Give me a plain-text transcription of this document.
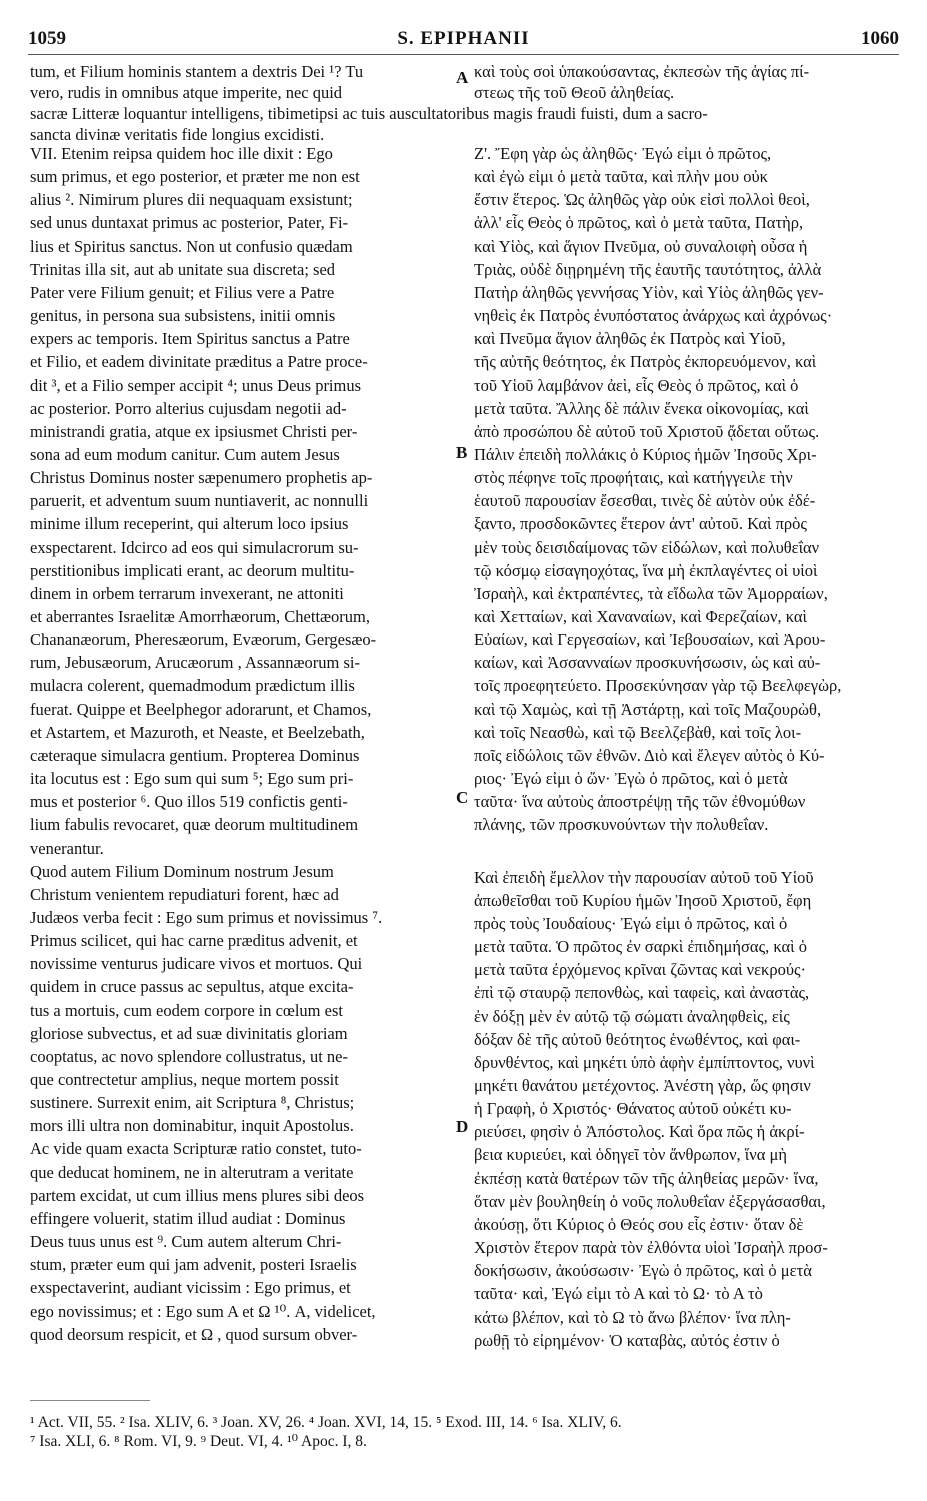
1059	S. EPIPHANII	1060
tum, et Filium hominis stantem a dextris Dei ¹? Tu	καὶ τοὺς σοὶ ὑπακούσαντας, ἐκπεσὼν τῆς ἁγίας πί-
vero, rudis in omnibus atque imperite, nec quid	στεως τῆς τοῦ Θεοῦ ἀληθείας.
sacræ Litteræ loquantur intelligens, tibimetipsi ac tuis auscultatoribus magis fraudi fuisti, dum a sacro-
sancta divinæ veritatis fide longius excidisti.
VII. Etenim reipsa quidem hoc ille dixit : Ego
sum primus, et ego posterior, et præter me non est
alius ². Nimirum plures dii nequaquam exsistunt;
sed unus duntaxat primus ac posterior, Pater, Fi-
lius et Spiritus sanctus. Non ut confusio quædam
Trinitas illa sit, aut ab unitate sua discreta; sed
Pater vere Filium genuit; et Filius vere a Patre
genitus, in persona sua subsistens, initii omnis
expers ac temporis. Item Spiritus sanctus a Patre
et Filio, et eadem divinitate præditus a Patre proce-
dit ³, et a Filio semper accipit ⁴; unus Deus primus
ac posterior. Porro alterius cujusdam negotii ad-
ministrandi gratia, atque ex ipsiusmet Christi per-
sona ad eum modum canitur. Cum autem Jesus
Christus Dominus noster sæpenumero prophetis ap-
paruerit, et adventum suum nuntiaverit, ac nonnulli
minime illum receperint, qui alterum loco ipsius
exspectarent. Idcirco ad eos qui simulacrorum su-
perstitionibus implicati erant, ac deorum multitu-
dinem in orbem terrarum invexerant, ne attoniti
et aberrantes Israelitæ Amorrhæorum, Chettæorum,
Chananæorum, Pheresæorum, Evæorum, Gergesæo-
rum, Jebusæorum, Arucæorum , Assannæorum si-
mulacra colerent, quemadmodum prædictum illis
fuerat. Quippe et Beelphegor adorarunt, et Chamos,
et Astartem, et Mazuroth, et Neaste, et Beelzebath,
cæteraque simulacra gentium. Propterea Dominus
ita locutus est : Ego sum qui sum ⁵; Ego sum pri-
mus et posterior ⁶. Quo illos 519 confictis genti-
lium fabulis revocaret, quæ deorum multitudinem
venerantur.
Quod autem Filium Dominum nostrum Jesum
Christum venientem repudiaturi forent, hæc ad
Judæos verba fecit : Ego sum primus et novissimus ⁷.
Primus scilicet, qui hac carne præditus advenit, et
novissime venturus judicare vivos et mortuos. Qui
quidem in cruce passus ac sepultus, atque excita-
tus a mortuis, cum eodem corpore in cœlum est
gloriose subvectus, et ad suæ divinitatis gloriam
cooptatus, ac novo splendore collustratus, ut ne-
que contrectetur amplius, neque mortem possit
sustinere. Surrexit enim, ait Scriptura ⁸, Christus;
mors illi ultra non dominabitur, inquit Apostolus.
Ac vide quam exacta Scripturæ ratio constet, tuto-
que deducat hominem, ne in alterutram a veritate
partem excidat, ut cum illius mens plures sibi deos
effingere voluerit, statim illud audiat : Dominus
Deus tuus unus est ⁹. Cum autem alterum Chri-
stum, præter eum qui jam advenit, posteri Israelis
exspectaverint, audiant vicissim : Ego primus, et
ego novissimus; et : Ego sum A et Ω ¹⁰. A, videlicet,
quod deorsum respicit, et Ω , quod sursum obver-
Ζ'. Ἔφη γὰρ ὡς ἀληθῶς· Ἐγώ εἰμι ὁ πρῶτος,
καὶ ἐγὼ εἰμι ὁ μετὰ ταῦτα, καὶ πλὴν μου οὐκ
ἔστιν ἕτερος. Ὡς ἀληθῶς γὰρ οὐκ εἰσὶ πολλοὶ θεοὶ,
ἀλλ' εἷς Θεὸς ὁ πρῶτος, καὶ ὁ μετὰ ταῦτα, Πατὴρ,
καὶ Υἱὸς, καὶ ἅγιον Πνεῦμα, οὐ συναλοιφὴ οὖσα ἡ
Τριὰς, οὐδὲ διῃρημένη τῆς ἑαυτῆς ταυτότητος, ἀλλὰ
Πατὴρ ἀληθῶς γεννήσας Υἱὸν, καὶ Υἱὸς ἀληθῶς γεν-
νηθεὶς ἐκ Πατρὸς ἐνυπόστατος ἀνάρχως καὶ ἀχρόνως·
καὶ Πνεῦμα ἅγιον ἀληθῶς ἐκ Πατρὸς καὶ Υἱοῦ,
τῆς αὐτῆς θεότητος, ἐκ Πατρὸς ἐκπορευόμενον, καὶ
τοῦ Υἱοῦ λαμβάνον ἀεὶ, εἷς Θεὸς ὁ πρῶτος, καὶ ὁ
μετὰ ταῦτα. Ἄλλης δὲ πάλιν ἕνεκα οἰκονομίας, καὶ
ἀπὸ προσώπου δὲ αὐτοῦ τοῦ Χριστοῦ ᾄδεται οὕτως.
Πάλιν ἐπειδὴ πολλάκις ὁ Κύριος ἡμῶν Ἰησοῦς Χρι-
στὸς πέφηνε τοῖς προφήταις, καὶ κατήγγειλε τὴν
ἑαυτοῦ παρουσίαν ἔσεσθαι, τινὲς δὲ αὐτὸν οὐκ ἐδέ-
ξαντο, προσδοκῶντες ἕτερον ἀντ' αὐτοῦ. Καὶ πρὸς
μὲν τοὺς δεισιδαίμονας τῶν εἰδώλων, καὶ πολυθεΐαν
τῷ κόσμῳ εἰσαγηοχότας, ἵνα μὴ ἐκπλαγέντες οἱ υἱοὶ
Ἰσραὴλ, καὶ ἐκτραπέντες, τὰ εἴδωλα τῶν Ἀμορραίων,
καὶ Χετταίων, καὶ Χαναναίων, καὶ Φερεζαίων, καὶ
Εὐαίων, καὶ Γεργεσαίων, καὶ Ἰεβουσαίων, καὶ Ἀρου-
καίων, καὶ Ἀσσανναίων προσκυνήσωσιν, ὡς καὶ αὐ-
τοῖς προεφητεύετο. Προσεκύνησαν γὰρ τῷ Βεελφεγὼρ,
καὶ τῷ Χαμὼς, καὶ τῇ Ἀστάρτῃ, καὶ τοῖς Μαζουρὼθ,
καὶ τοῖς Νεασθὼ, καὶ τῷ Βεελζεβὰθ, καὶ τοῖς λοι-
ποῖς εἰδώλοις τῶν ἐθνῶν. Διὸ καὶ ἔλεγεν αὐτὸς ὁ Κύ-
ριος· Ἐγώ εἰμι ὁ ὤν· Ἐγὼ ὁ πρῶτος, καὶ ὁ μετὰ
ταῦτα· ἵνα αὐτοὺς ἀποστρέψῃ τῆς τῶν ἐθνομύθων
πλάνης, τῶν προσκυνούντων τὴν πολυθεΐαν.
Καὶ ἐπειδὴ ἔμελλον τὴν παρουσίαν αὐτοῦ τοῦ Υἱοῦ
ἀπωθεῖσθαι τοῦ Κυρίου ἡμῶν Ἰησοῦ Χριστοῦ, ἔφη
πρὸς τοὺς Ἰουδαίους· Ἐγώ εἰμι ὁ πρῶτος, καὶ ὁ
μετὰ ταῦτα. Ὁ πρῶτος ἐν σαρκὶ ἐπιδημήσας, καὶ ὁ
μετὰ ταῦτα ἐρχόμενος κρῖναι ζῶντας καὶ νεκρούς·
ἐπὶ τῷ σταυρῷ πεπονθὼς, καὶ ταφεὶς, καὶ ἀναστὰς,
ἐν δόξῃ μὲν ἐν αὐτῷ τῷ σώματι ἀναληφθεὶς, εἰς
δόξαν δὲ τῆς αὐτοῦ θεότητος ἑνωθέντος, καὶ φαι-
δρυνθέντος, καὶ μηκέτι ὑπὸ ἁφὴν ἐμπίπτοντος, νυνὶ
μηκέτι θανάτου μετέχοντος. Ἀνέστη γὰρ, ὥς φησιν
ἡ Γραφὴ, ὁ Χριστός· Θάνατος αὐτοῦ οὐκέτι κυ-
ριεύσει, φησὶν ὁ Ἀπόστολος. Καὶ ὅρα πῶς ἡ ἀκρί-
βεια κυριεύει, καὶ ὁδηγεῖ τὸν ἄνθρωπον, ἵνα μὴ
ἐκπέσῃ κατὰ θατέρων τῶν τῆς ἀληθείας μερῶν· ἵνα,
ὅταν μὲν βουληθείη ὁ νοῦς πολυθεΐαν ἐξεργάσασθαι,
ἀκούσῃ, ὅτι Κύριος ὁ Θεός σου εἷς ἐστιν· ὅταν δὲ
Χριστὸν ἕτερον παρὰ τὸν ἐλθόντα υἱοὶ Ἰσραὴλ προσ-
δοκήσωσιν, ἀκούσωσιν· Ἐγὼ ὁ πρῶτος, καὶ ὁ μετὰ
ταῦτα· καὶ, Ἐγώ εἰμι τὸ Α καὶ τὸ Ω· τὸ Α τὸ
κάτω βλέπον, καὶ τὸ Ω τὸ ἄνω βλέπον· ἵνα πλη-
ρωθῇ τὸ εἰρημένον· Ὁ καταβὰς, αὐτός ἐστιν ὁ
A
B
C
D
¹ Act. VII, 55. ² Isa. XLIV, 6. ³ Joan. XV, 26. ⁴ Joan. XVI, 14, 15. ⁵ Exod. III, 14. ⁶ Isa. XLIV, 6.
⁷ Isa. XLI, 6. ⁸ Rom. VI, 9. ⁹ Deut. VI, 4. ¹⁰ Apoc. I, 8.
